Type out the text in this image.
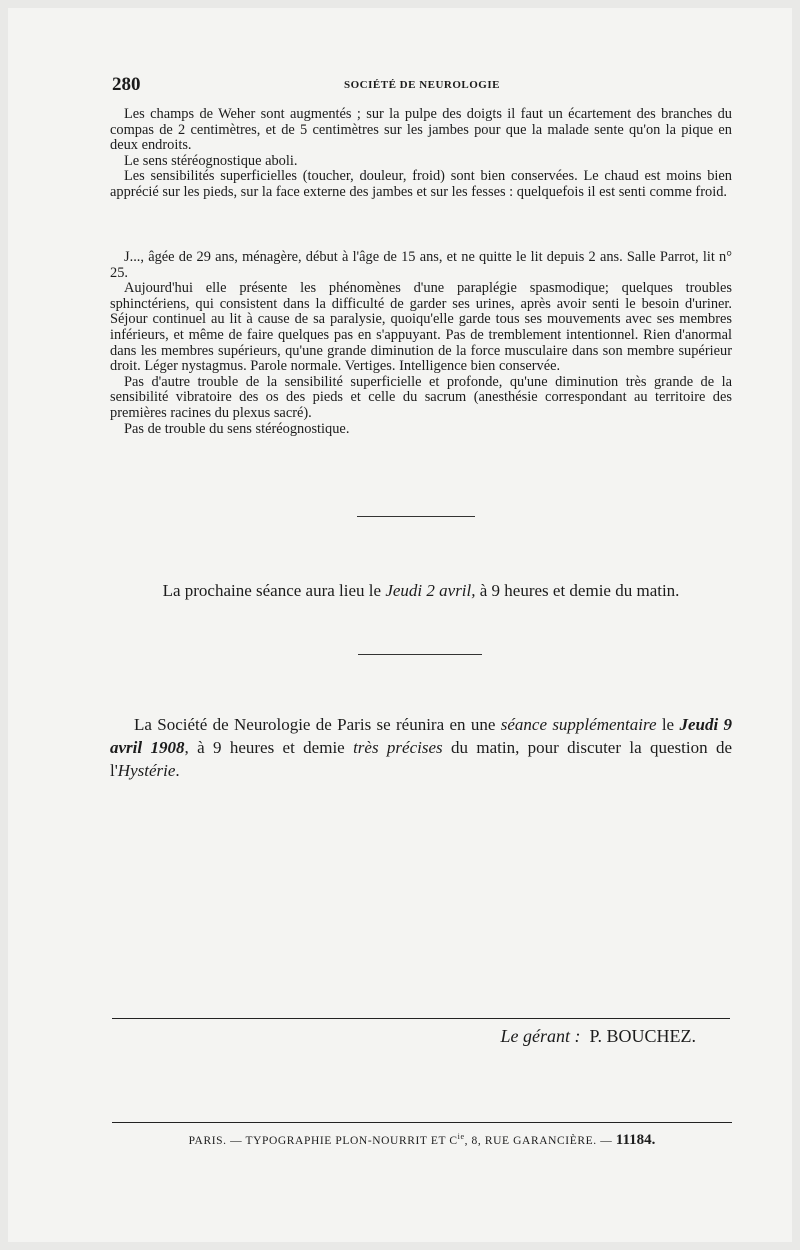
280	SOCIÉTÉ DE NEUROLOGIE

Les champs de Weher sont augmentés ; sur la pulpe des doigts il faut un écartement des branches du compas de 2 centimètres, et de 5 centimètres sur les jambes pour que la malade sente qu'on la pique en deux endroits.

Le sens stéréognostique aboli.

Les sensibilités superficielles (toucher, douleur, froid) sont bien conservées. Le chaud est moins bien apprécié sur les pieds, sur la face externe des jambes et sur les fesses : quelquefois il est senti comme froid.

J..., âgée de 29 ans, ménagère, début à l'âge de 15 ans, et ne quitte le lit depuis 2 ans. Salle Parrot, lit n° 25.

Aujourd'hui elle présente les phénomènes d'une paraplégie spasmodique; quelques troubles sphinctériens, qui consistent dans la difficulté de garder ses urines, après avoir senti le besoin d'uriner. Séjour continuel au lit à cause de sa paralysie, quoiqu'elle garde tous ses mouvements avec ses membres inférieurs, et même de faire quelques pas en s'appuyant. Pas de tremblement intentionnel. Rien d'anormal dans les membres supérieurs, qu'une grande diminution de la force musculaire dans son membre supérieur droit. Léger nystagmus. Parole normale. Vertiges. Intelligence bien conservée.

Pas d'autre trouble de la sensibilité superficielle et profonde, qu'une diminution très grande de la sensibilité vibratoire des os des pieds et celle du sacrum (anesthésie correspondant au territoire des premières racines du plexus sacré).

Pas de trouble du sens stéréognostique.

La prochaine séance aura lieu le Jeudi 2 avril, à 9 heures et demie du matin.

La Société de Neurologie de Paris se réunira en une séance supplémentaire le Jeudi 9 avril 1908, à 9 heures et demie très précises du matin, pour discuter la question de l'Hystérie.

Le gérant : P. BOUCHEZ.
PARIS. — TYPOGRAPHIE PLON-NOURRIT ET $C^{ie}$, 8, RUE GARANCIÈRE. — 11184.
